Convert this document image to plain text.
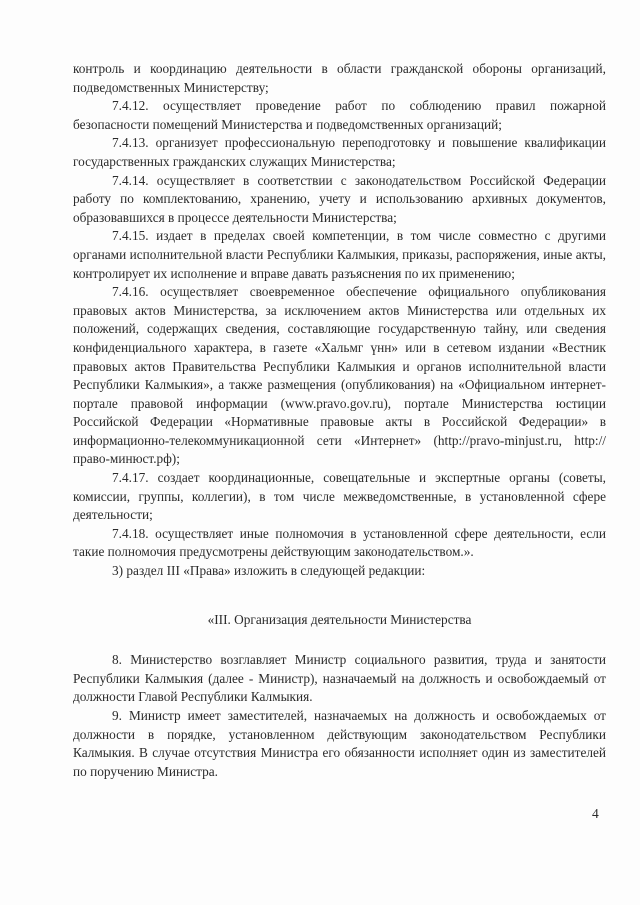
контроль и координацию деятельности в области гражданской обороны организаций, подведомственных Министерству;

7.4.12. осуществляет проведение работ по соблюдению правил пожарной безопасности помещений Министерства и подведомственных организаций;

7.4.13. организует профессиональную переподготовку и повышение квалификации государственных гражданских служащих Министерства;

7.4.14. осуществляет в соответствии с законодательством Российской Федерации работу по комплектованию, хранению, учету и использованию архивных документов, образовавшихся в процессе деятельности Министерства;

7.4.15. издает в пределах своей компетенции, в том числе совместно с другими органами исполнительной власти Республики Калмыкия, приказы, распоряжения, иные акты, контролирует их исполнение и вправе давать разъяснения по их применению;

7.4.16. осуществляет своевременное обеспечение официального опубликования правовых актов Министерства, за исключением актов Министерства или отдельных их положений, содержащих сведения, составляющие государственную тайну, или сведения конфиденциального характера, в газете «Хальмг үнн» или в сетевом издании «Вестник правовых актов Правительства Республики Калмыкия и органов исполнительной власти Республики Калмыкия», а также размещения (опубликования) на «Официальном интернет-портале правовой информации (www.pravo.gov.ru), портале Министерства юстиции Российской Федерации «Нормативные правовые акты в Российской Федерации» в информационно-телекоммуникационной сети «Интернет» (http://pravo-minjust.ru, http://право-минюст.рф);

7.4.17. создает координационные, совещательные и экспертные органы (советы, комиссии, группы, коллегии), в том числе межведомственные, в установленной сфере деятельности;

7.4.18. осуществляет иные полномочия в установленной сфере деятельности, если такие полномочия предусмотрены действующим законодательством.».

3) раздел III «Права» изложить в следующей редакции:

«III. Организация деятельности Министерства

8. Министерство возглавляет Министр социального развития, труда и занятости Республики Калмыкия (далее - Министр), назначаемый на должность и освобождаемый от должности Главой Республики Калмыкия.

9. Министр имеет заместителей, назначаемых на должность и освобождаемых от должности в порядке, установленном действующим законодательством Республики Калмыкия. В случае отсутствия Министра его обязанности исполняет один из заместителей по поручению Министра.

4
